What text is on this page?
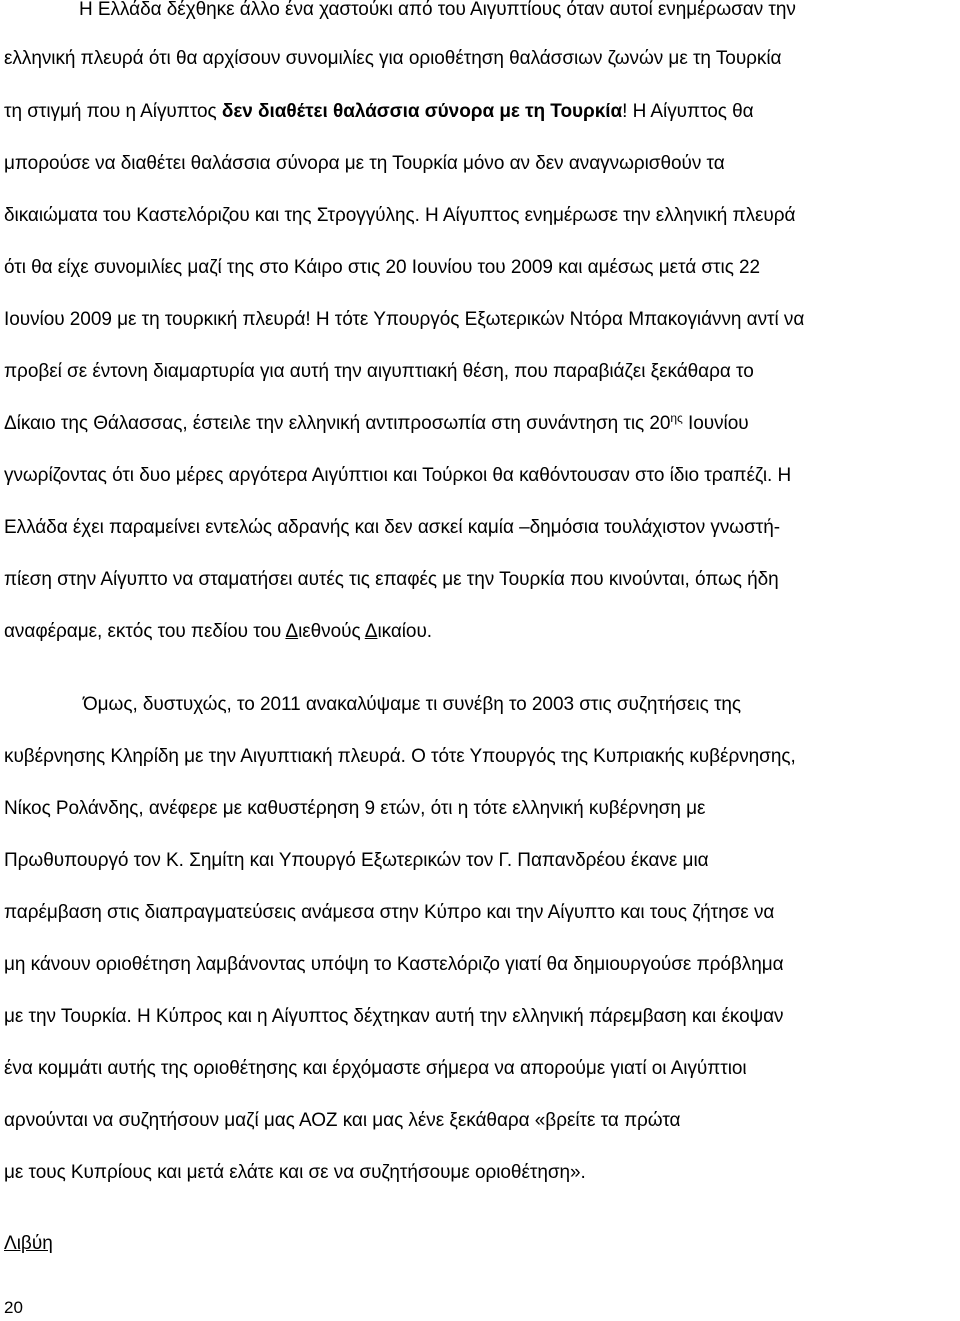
Η Ελλάδα δέχθηκε άλλο ένα χαστούκι από του Αιγυπτίους όταν αυτοί ενημέρωσαν την
ελληνική πλευρά ότι θα αρχίσουν συνομιλίες για οριοθέτηση θαλάσσιων ζωνών με τη Τουρκία
τη στιγμή που η Αίγυπτος δεν διαθέτει θαλάσσια σύνορα με τη Τουρκία! Η Αίγυπτος θα
μπορούσε να διαθέτει θαλάσσια σύνορα με τη Τουρκία μόνο αν δεν αναγνωρισθούν τα
δικαιώματα του Καστελόριζου και της Στρογγύλης. Η Αίγυπτος ενημέρωσε την ελληνική πλευρά
ότι θα είχε συνομιλίες μαζί της στο Κάιρο στις 20 Ιουνίου του 2009 και αμέσως μετά στις 22
Ιουνίου 2009 με τη τουρκική πλευρά! Η τότε Υπουργός Εξωτερικών Ντόρα Μπακογιάννη αντί να
προβεί σε έντονη διαμαρτυρία για αυτή την αιγυπτιακή θέση, που παραβιάζει ξεκάθαρα το
Δίκαιο της Θάλασσας, έστειλε την ελληνική αντιπροσωπία στη συνάντηση τις $20^{\eta\varsigma}$ Ιουνίου
γνωρίζοντας ότι δυο μέρες αργότερα Αιγύπτιοι και Τούρκοι θα καθόντουσαν στο ίδιο τραπέζι. Η
Ελλάδα έχει παραμείνει εντελώς αδρανής και δεν ασκεί καμία –δημόσια τουλάχιστον γνωστή-
πίεση στην Αίγυπτο να σταματήσει αυτές τις επαφές με την Τουρκία που κινούνται, όπως ήδη
αναφέραμε, εκτός του πεδίου του Διεθνούς Δικαίου.
Όμως, δυστυχώς, το 2011 ανακαλύψαμε τι συνέβη το 2003 στις συζητήσεις της
κυβέρνησης Κληρίδη με την Αιγυπτιακή πλευρά. Ο τότε Υπουργός της Κυπριακής κυβέρνησης,
Νίκος Ρολάνδης, ανέφερε με καθυστέρηση 9 ετών, ότι η τότε ελληνική κυβέρνηση με
Πρωθυπουργό τον Κ. Σημίτη και Υπουργό Εξωτερικών τον Γ. Παπανδρέου έκανε μια
παρέμβαση στις διαπραγματεύσεις ανάμεσα στην Κύπρο και την Αίγυπτο και τους ζήτησε να
μη κάνουν οριοθέτηση λαμβάνοντας υπόψη το Καστελόριζο γιατί θα δημιουργούσε πρόβλημα
με την Τουρκία. Η Κύπρος και η Αίγυπτος δέχτηκαν αυτή την ελληνική πάρεμβαση και έκοψαν
ένα κομμάτι αυτής της οριοθέτησης και έρχόμαστε σήμερα να απορούμε γιατί οι Αιγύπτιοι
αρνούνται να συζητήσουν μαζί μας ΑΟΖ και μας λένε ξεκάθαρα «βρείτε τα πρώτα
με τους Κυπρίους και μετά ελάτε και σε να συζητήσουμε οριοθέτηση».
Λιβύη
20
